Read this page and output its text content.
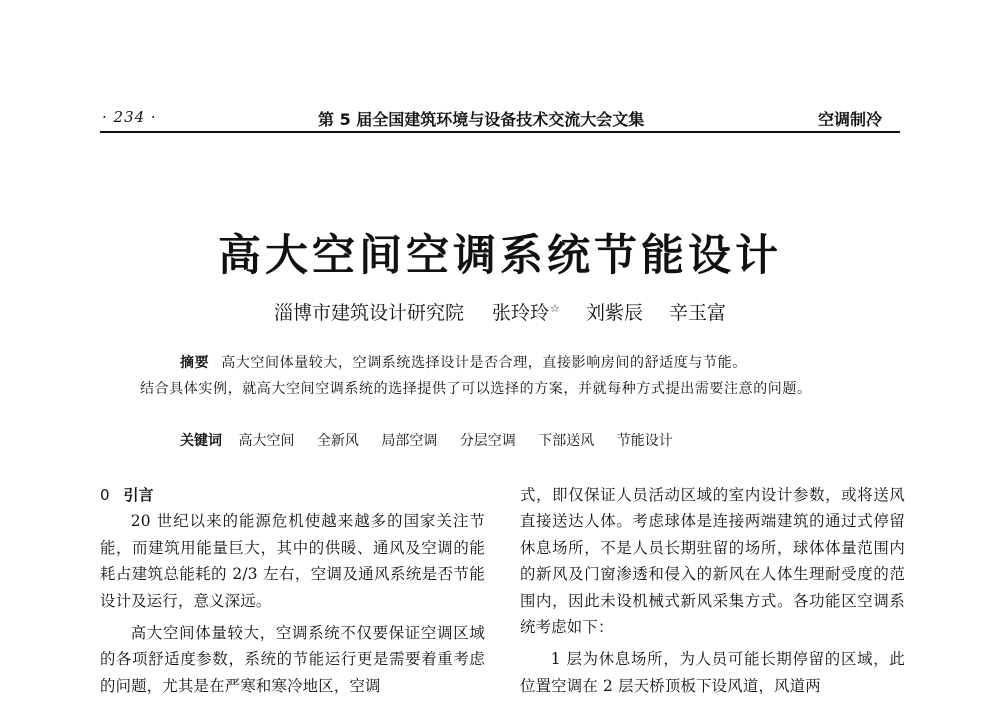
· 234 ·	第 5 届全国建筑环境与设备技术交流大会文集	空调制冷
高大空间空调系统节能设计
淄博市建筑设计研究院 张玲玲☆ 刘紫辰 辛玉富
摘要 高大空间体量较大，空调系统选择设计是否合理，直接影响房间的舒适度与节能。
结合具体实例，就高大空间空调系统的选择提供了可以选择的方案，并就每种方式提出需要注意的问题。
关键词 高大空间 全新风 局部空调 分层空调 下部送风 节能设计
0 引言

20 世纪以来的能源危机使越来越多的国家关注节能，而建筑用能量巨大，其中的供暖、通风及空调的能耗占建筑总能耗的 2/3 左右，空调及通风系统是否节能设计及运行，意义深远。

高大空间体量较大，空调系统不仅要保证空调区域的各项舒适度参数，系统的节能运行更是需要着重考虑的问题，尤其是在严寒和寒冷地区，空调

式，即仅保证人员活动区域的室内设计参数，或将送风直接送达人体。考虑球体是连接两端建筑的通过式停留休息场所，不是人员长期驻留的场所，球体体量范围内的新风及门窗渗透和侵入的新风在人体生理耐受度的范围内，因此未设机械式新风采集方式。各功能区空调系统考虑如下：

1 层为休息场所，为人员可能长期停留的区域，此位置空调在 2 层天桥顶板下设风道，风道两
